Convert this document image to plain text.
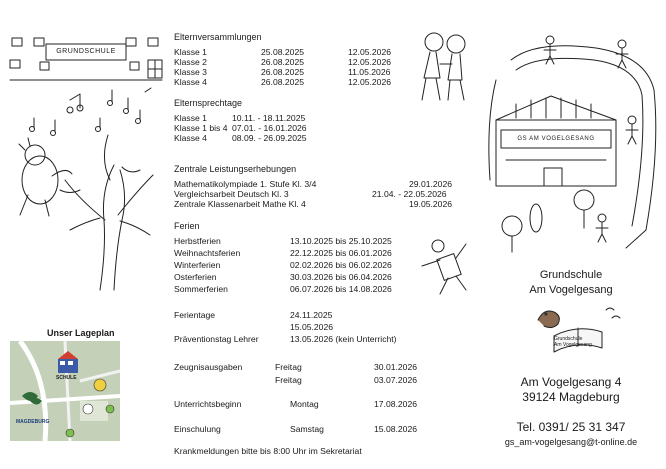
GRUNDSCHULE
Elternversammlungen
Klasse 1	25.08.2025	12.05.2026
Klasse 2	26.08.2025	12.05.2026
Klasse 3	26.08.2025	11.05.2026
Klasse 4	26.08.2025	12.05.2026
Elternsprechtage
Klasse 1	10.11. - 18.11.2025
Klasse 1 bis 4 07.01. - 16.01.2026
Klasse 4	08.09. - 26.09.2025
Zentrale Leistungserhebungen
Mathematikolympiade 1. Stufe Kl. 3/4	29.01.2026
Vergleichsarbeit Deutsch Kl. 3	21.04. - 22.05.2026
Zentrale Klassenarbeit Mathe Kl. 4	19.05.2026
Ferien
Herbstferien	13.10.2025 bis 25.10.2025
Weihnachtsferien	22.12.2025 bis 06.01.2026
Winterferien	02.02.2026 bis 06.02.2026
Osterferien	30.03.2026 bis 06.04.2026
Sommerferien	06.07.2026 bis 14.08.2026
Ferientage	24.11.2025
15.05.2026
Präventionstag Lehrer	13.05.2026 (kein Unterricht)
Zeugnisausgaben	Freitag	30.01.2026
Freitag	03.07.2026
Unterrichtsbeginn	Montag	17.08.2026
Einschulung	Samstag	15.08.2026
Krankmeldungen bitte bis 8:00 Uhr im Sekretariat
Unser Lageplan
SCHULE
MAGDEBURG
GS AM VOGELGESANG
Grundschule
Am Vogelgesang
Grundschule
Am Vogelgesang
Am Vogelgesang 4
39124 Magdeburg
Tel. 0391/ 25 31 347
gs_am-vogelgesang@t-online.de
